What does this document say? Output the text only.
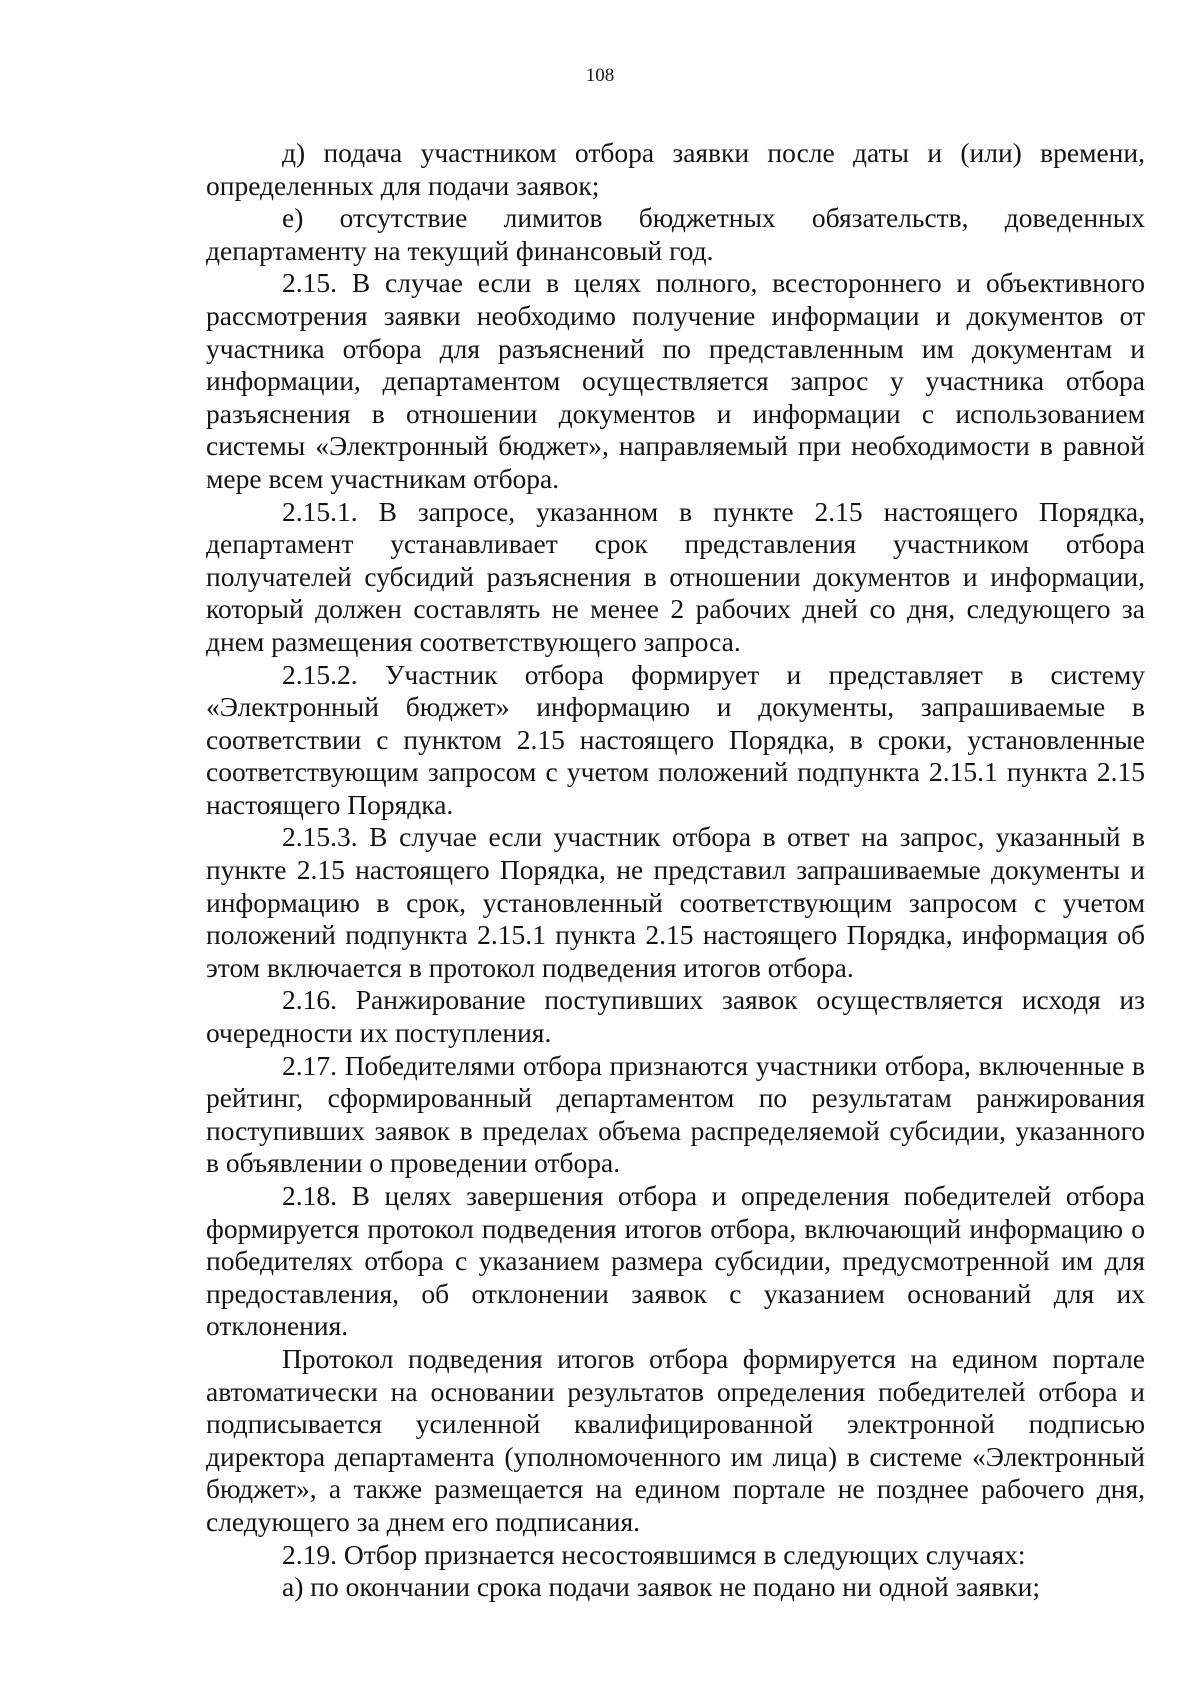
108

д) подача участником отбора заявки после даты и (или) времени, определенных для подачи заявок;

е) отсутствие лимитов бюджетных обязательств, доведенных департаменту на текущий финансовый год.

2.15. В случае если в целях полного, всестороннего и объективного рассмотрения заявки необходимо получение информации и документов от участника отбора для разъяснений по представленным им документам и информации, департаментом осуществляется запрос у участника отбора разъяснения в отношении документов и информации с использованием системы «Электронный бюджет», направляемый при необходимости в равной мере всем участникам отбора.

2.15.1. В запросе, указанном в пункте 2.15 настоящего Порядка, департамент устанавливает срок представления участником отбора получателей субсидий разъяснения в отношении документов и информации, который должен составлять не менее 2 рабочих дней со дня, следующего за днем размещения соответствующего запроса.

2.15.2. Участник отбора формирует и представляет в систему «Электронный бюджет» информацию и документы, запрашиваемые в соответствии с пунктом 2.15 настоящего Порядка, в сроки, установленные соответствующим запросом с учетом положений подпункта 2.15.1 пункта 2.15 настоящего Порядка.

2.15.3. В случае если участник отбора в ответ на запрос, указанный в пункте 2.15 настоящего Порядка, не представил запрашиваемые документы и информацию в срок, установленный соответствующим запросом с учетом положений подпункта 2.15.1 пункта 2.15 настоящего Порядка, информация об этом включается в протокол подведения итогов отбора.

2.16. Ранжирование поступивших заявок осуществляется исходя из очередности их поступления.

2.17. Победителями отбора признаются участники отбора, включенные в рейтинг, сформированный департаментом по результатам ранжирования поступивших заявок в пределах объема распределяемой субсидии, указанного в объявлении о проведении отбора.

2.18. В целях завершения отбора и определения победителей отбора формируется протокол подведения итогов отбора, включающий информацию о победителях отбора с указанием размера субсидии, предусмотренной им для предоставления, об отклонении заявок с указанием оснований для их отклонения.

Протокол подведения итогов отбора формируется на едином портале автоматически на основании результатов определения победителей отбора и подписывается усиленной квалифицированной электронной подписью директора департамента (уполномоченного им лица) в системе «Электронный бюджет», а также размещается на едином портале не позднее рабочего дня, следующего за днем его подписания.

2.19. Отбор признается несостоявшимся в следующих случаях:

а) по окончании срока подачи заявок не подано ни одной заявки;
